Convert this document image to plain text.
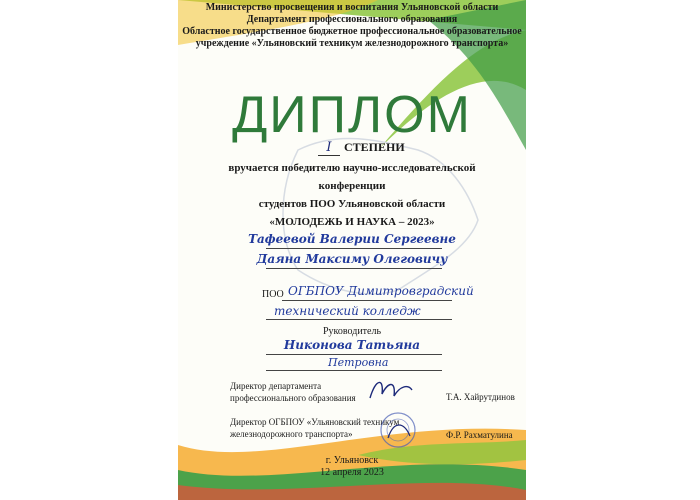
Министерство просвещения и воспитания Ульяновской области
Департамент профессионального образования
Областное государственное бюджетное профессиональное образовательное
учреждение «Ульяновский техникум железнодорожного транспорта»
ДИПЛОМ
I СТЕПЕНИ
вручается победителю научно-исследовательской
конференции
студентов ПОО Ульяновской области
«МОЛОДЕЖЬ И НАУКА – 2023»
Тафеевой Валерии Сергеевне
Даяна Максиму Олеговичу
ПОО ОГБПОУ Димитровградский
технический колледж
Руководитель
Никонова Татьяна
Петровна
Директор департамента
профессионального образования	Т.А. Хайрутдинов
Директор ОГБПОУ «Ульяновский техникум
железнодорожного транспорта»	Ф.Р. Рахматулина
г. Ульяновск
12 апреля 2023
